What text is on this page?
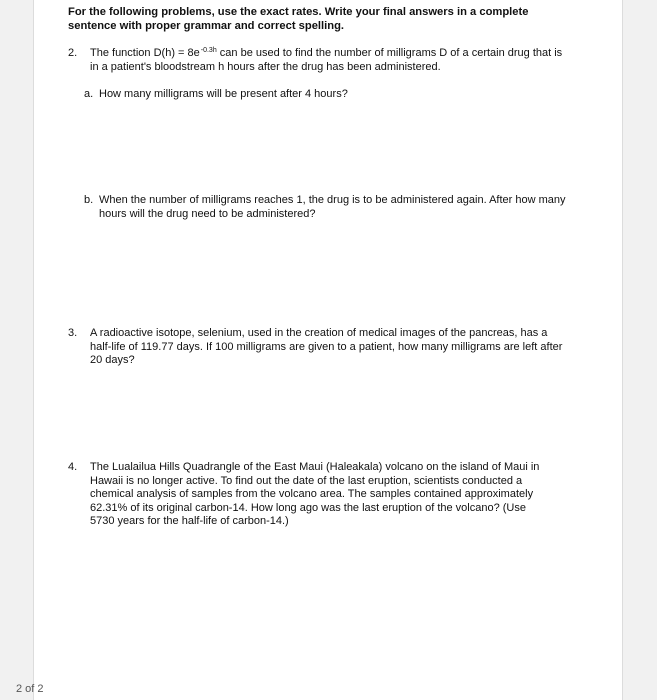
For the following problems, use the exact rates. Write your final answers in a complete sentence with proper grammar and correct spelling.
2. The function $D(h) = 8e^{-0.3h}$ can be used to find the number of milligrams D of a certain drug that is in a patient's bloodstream h hours after the drug has been administered.
a. How many milligrams will be present after 4 hours?
b. When the number of milligrams reaches 1, the drug is to be administered again. After how many hours will the drug need to be administered?
3. A radioactive isotope, selenium, used in the creation of medical images of the pancreas, has a half-life of 119.77 days. If 100 milligrams are given to a patient, how many milligrams are left after 20 days?
4. The Lualailua Hills Quadrangle of the East Maui (Haleakala) volcano on the island of Maui in Hawaii is no longer active. To find out the date of the last eruption, scientists conducted a chemical analysis of samples from the volcano area. The samples contained approximately 62.31% of its original carbon-14. How long ago was the last eruption of the volcano? (Use 5730 years for the half-life of carbon-14.)
2 of 2
